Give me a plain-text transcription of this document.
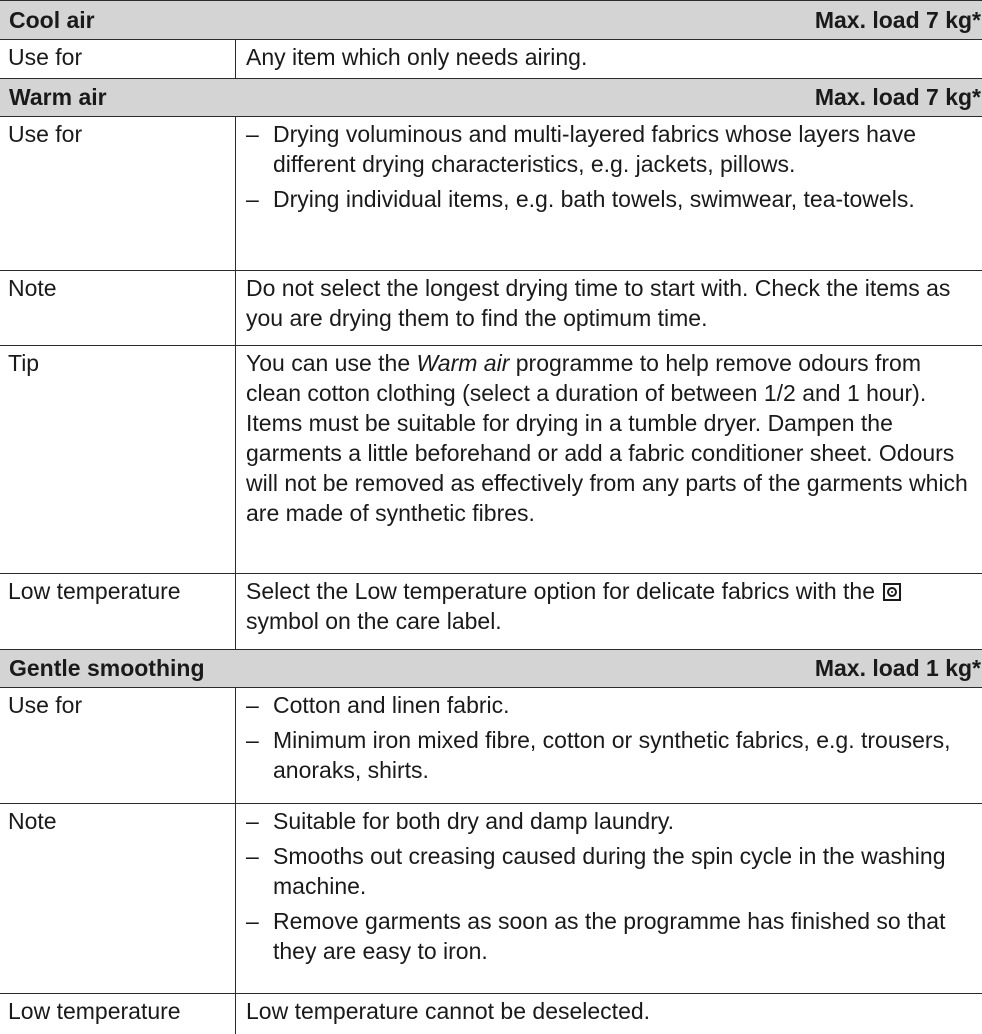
Cool air	Max. load 7 kg*
Use for	Any item which only needs airing.

Warm air	Max. load 7 kg*
Use for	– Drying voluminous and multi-layered fabrics whose layers have different drying characteristics, e.g. jackets, pillows.
– Drying individual items, e.g. bath towels, swimwear, tea-towels.
Note	Do not select the longest drying time to start with. Check the items as you are drying them to find the optimum time.

Tip	You can use the Warm air programme to help remove odours from clean cotton clothing (select a duration of between 1/2 and 1 hour). Items must be suitable for drying in a tumble dryer. Dampen the garments a little beforehand or add a fabric conditioner sheet. Odours will not be removed as effectively from any parts of the garments which are made of synthetic fibres.

Low temperature	Select the Low temperature option for delicate fabrics with the  symbol on the care label.

Gentle smoothing	Max. load 1 kg*
Use for	– Cotton and linen fabric.
– Minimum iron mixed fibre, cotton or synthetic fabrics, e.g. trousers, anoraks, shirts.
Note	– Suitable for both dry and damp laundry.
– Smooths out creasing caused during the spin cycle in the washing machine.
– Remove garments as soon as the programme has finished so that they are easy to iron.
Low temperature	Low temperature cannot be deselected.
